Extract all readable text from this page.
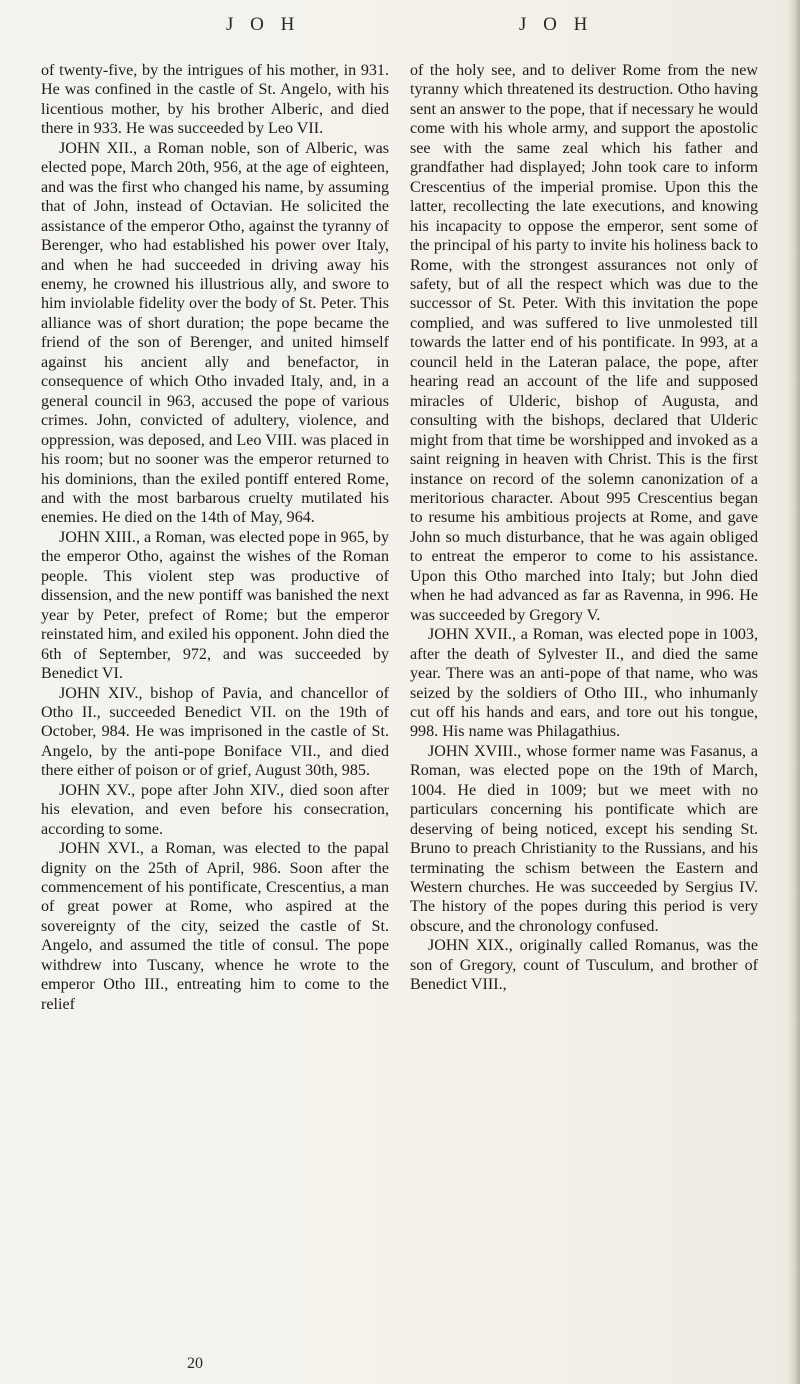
J O H	J O H

of twenty-five, by the intrigues of his mother, in 931. He was confined in the castle of St. Angelo, with his licentious mother, by his brother Alberic, and died there in 933. He was succeeded by Leo VII.

JOHN XII., a Roman noble, son of Alberic, was elected pope, March 20th, 956, at the age of eighteen, and was the first who changed his name, by assuming that of John, instead of Octavian. He solicited the assistance of the emperor Otho, against the tyranny of Berenger, who had established his power over Italy, and when he had succeeded in driving away his enemy, he crowned his illustrious ally, and swore to him inviolable fidelity over the body of St. Peter. This alliance was of short duration; the pope became the friend of the son of Berenger, and united himself against his ancient ally and benefactor, in consequence of which Otho invaded Italy, and, in a general council in 963, accused the pope of various crimes. John, convicted of adultery, violence, and oppression, was deposed, and Leo VIII. was placed in his room; but no sooner was the emperor returned to his dominions, than the exiled pontiff entered Rome, and with the most barbarous cruelty mutilated his enemies. He died on the 14th of May, 964.

JOHN XIII., a Roman, was elected pope in 965, by the emperor Otho, against the wishes of the Roman people. This violent step was productive of dissension, and the new pontiff was banished the next year by Peter, prefect of Rome; but the emperor reinstated him, and exiled his opponent. John died the 6th of September, 972, and was succeeded by Benedict VI.

JOHN XIV., bishop of Pavia, and chancellor of Otho II., succeeded Benedict VII. on the 19th of October, 984. He was imprisoned in the castle of St. Angelo, by the anti-pope Boniface VII., and died there either of poison or of grief, August 30th, 985.

JOHN XV., pope after John XIV., died soon after his elevation, and even before his consecration, according to some.

JOHN XVI., a Roman, was elected to the papal dignity on the 25th of April, 986. Soon after the commencement of his pontificate, Crescentius, a man of great power at Rome, who aspired at the sovereignty of the city, seized the castle of St. Angelo, and assumed the title of consul. The pope withdrew into Tuscany, whence he wrote to the emperor Otho III., entreating him to come to the relief

of the holy see, and to deliver Rome from the new tyranny which threatened its destruction. Otho having sent an answer to the pope, that if necessary he would come with his whole army, and support the apostolic see with the same zeal which his father and grandfather had displayed; John took care to inform Crescentius of the imperial promise. Upon this the latter, recollecting the late executions, and knowing his incapacity to oppose the emperor, sent some of the principal of his party to invite his holiness back to Rome, with the strongest assurances not only of safety, but of all the respect which was due to the successor of St. Peter. With this invitation the pope complied, and was suffered to live unmolested till towards the latter end of his pontificate. In 993, at a council held in the Lateran palace, the pope, after hearing read an account of the life and supposed miracles of Ulderic, bishop of Augusta, and consulting with the bishops, declared that Ulderic might from that time be worshipped and invoked as a saint reigning in heaven with Christ. This is the first instance on record of the solemn canonization of a meritorious character. About 995 Crescentius began to resume his ambitious projects at Rome, and gave John so much disturbance, that he was again obliged to entreat the emperor to come to his assistance. Upon this Otho marched into Italy; but John died when he had advanced as far as Ravenna, in 996. He was succeeded by Gregory V.

JOHN XVII., a Roman, was elected pope in 1003, after the death of Sylvester II., and died the same year. There was an anti-pope of that name, who was seized by the soldiers of Otho III., who inhumanly cut off his hands and ears, and tore out his tongue, 998. His name was Philagathius.

JOHN XVIII., whose former name was Fasanus, a Roman, was elected pope on the 19th of March, 1004. He died in 1009; but we meet with no particulars concerning his pontificate which are deserving of being noticed, except his sending St. Bruno to preach Christianity to the Russians, and his terminating the schism between the Eastern and Western churches. He was succeeded by Sergius IV. The history of the popes during this period is very obscure, and the chronology confused.

JOHN XIX., originally called Romanus, was the son of Gregory, count of Tusculum, and brother of Benedict VIII.,

20
